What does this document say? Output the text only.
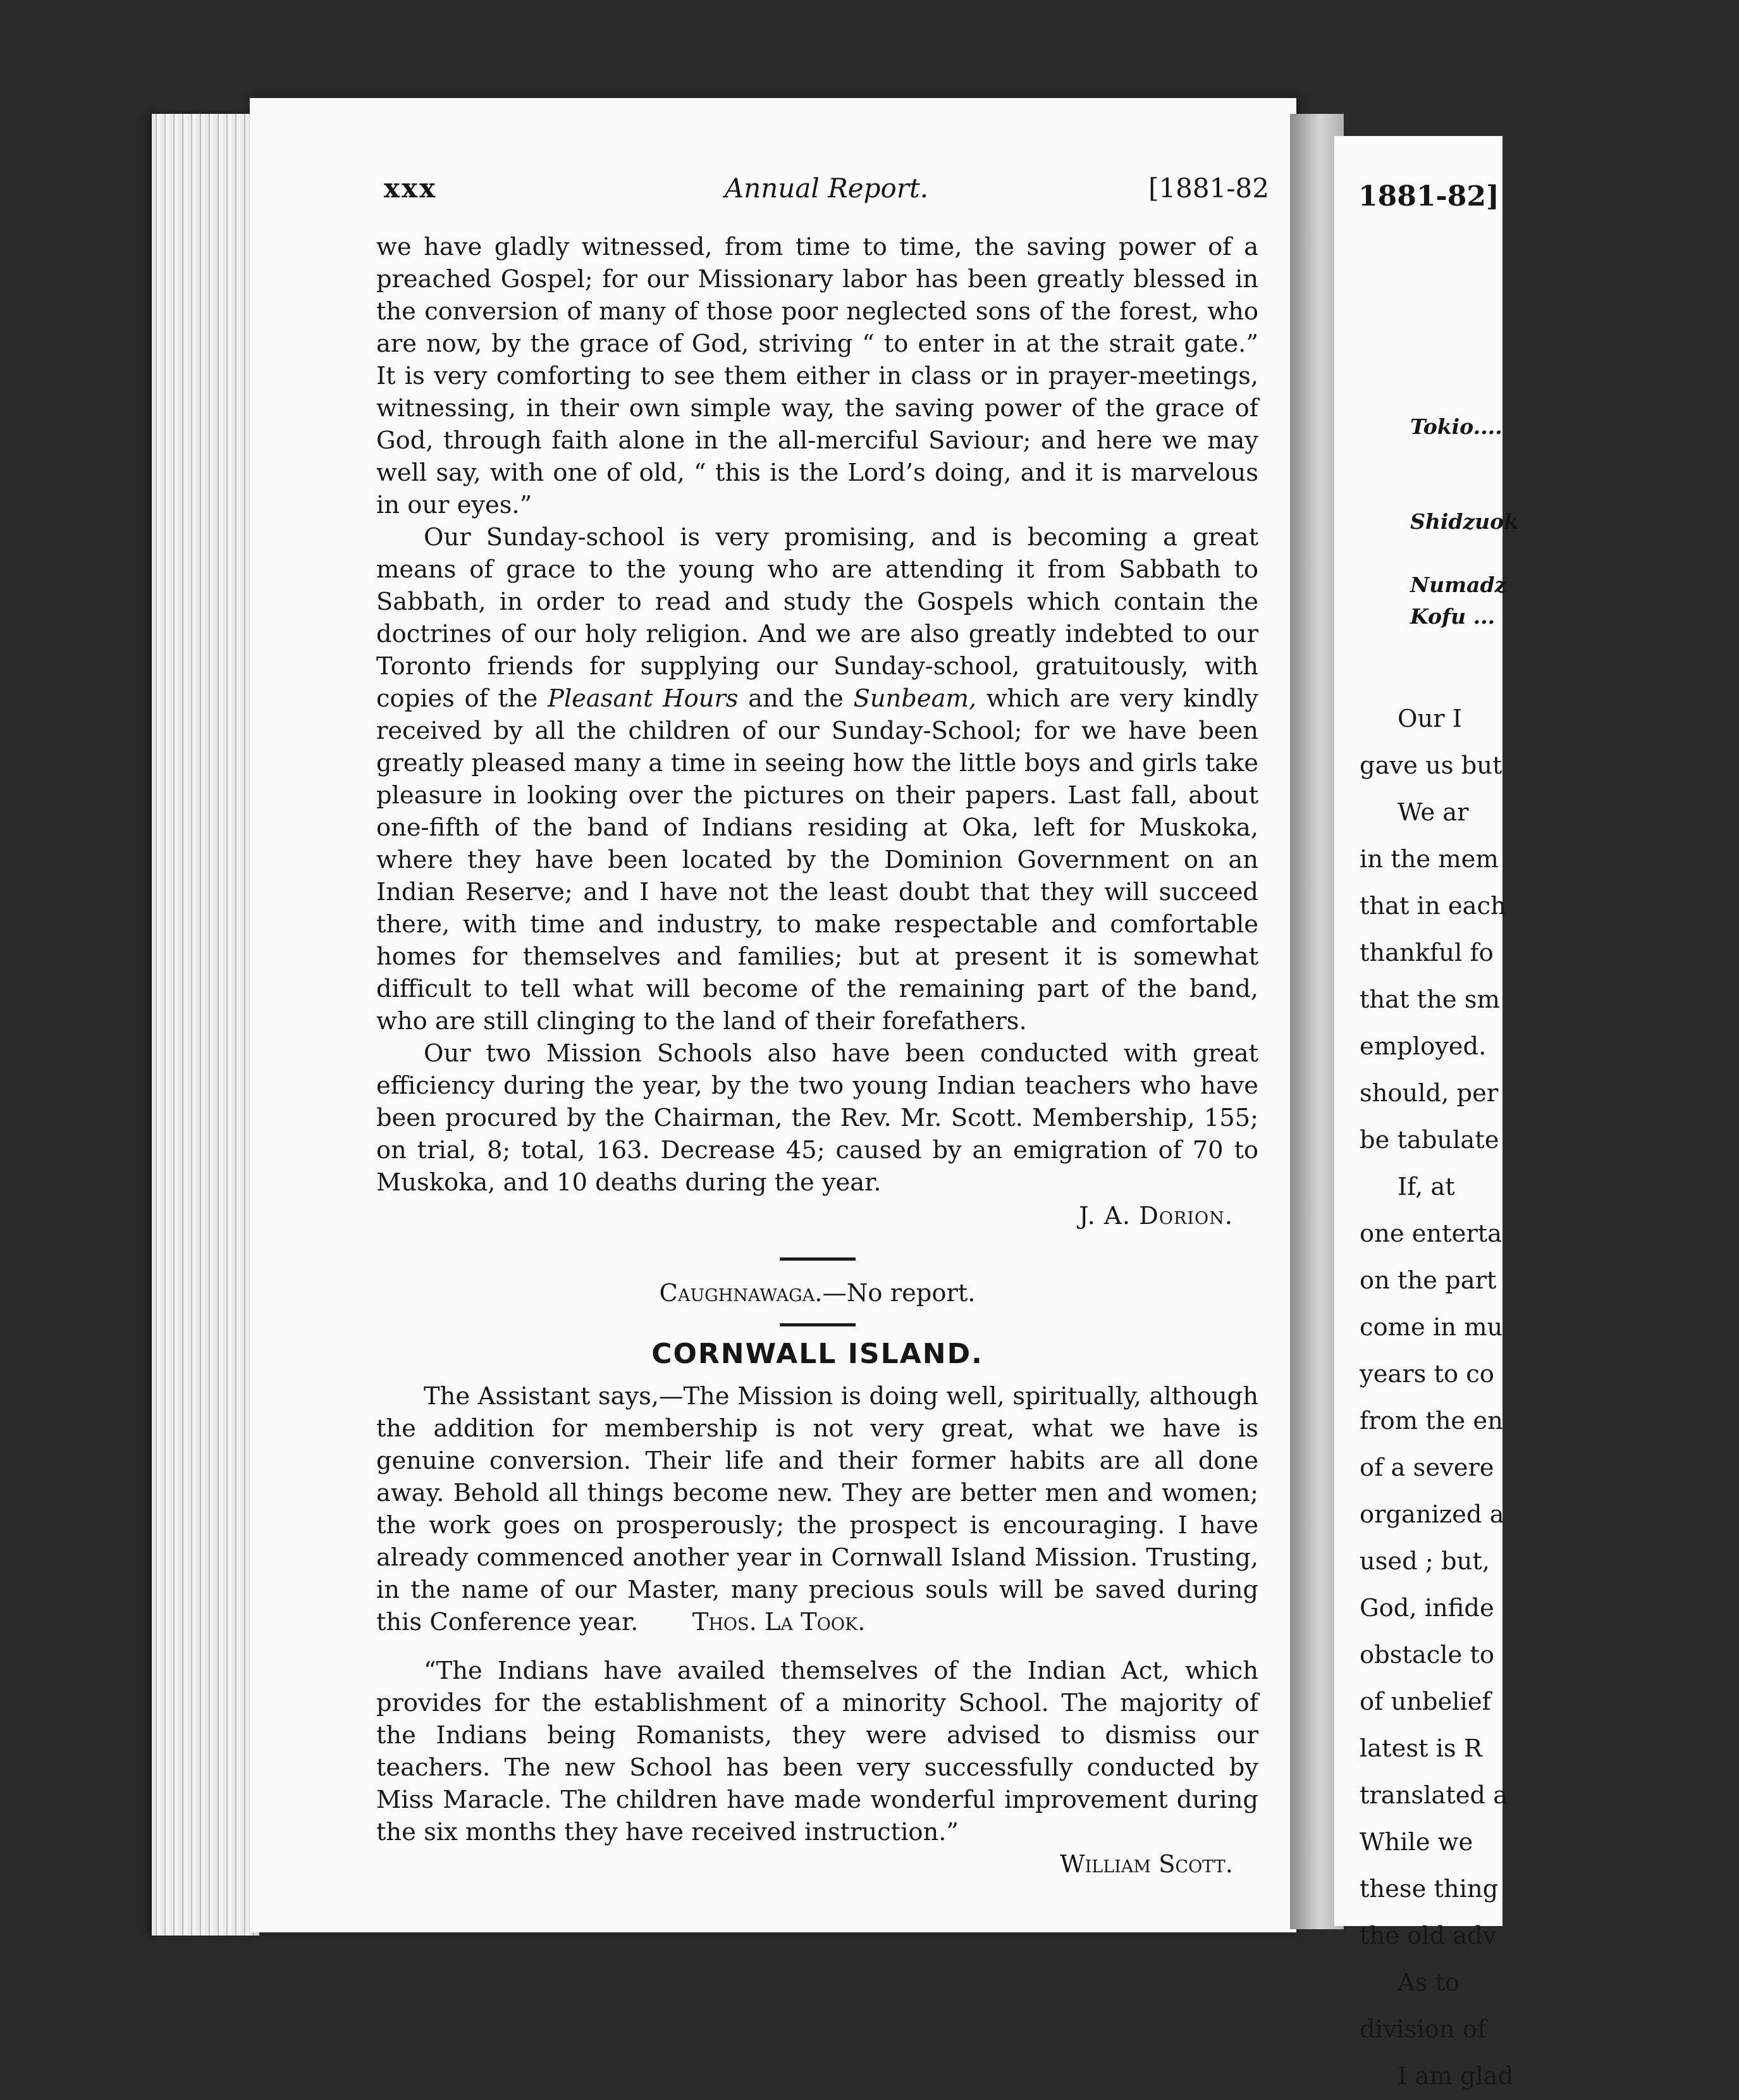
xxx	Annual Report.	[1881-82

we have gladly witnessed, from time to time, the saving power of a preached Gospel; for our Missionary labor has been greatly blessed in the conversion of many of those poor neglected sons of the forest, who are now, by the grace of God, striving “ to enter in at the strait gate.” It is very comforting to see them either in class or in prayer-meetings, witnessing, in their own simple way, the saving power of the grace of God, through faith alone in the all-merciful Saviour; and here we may well say, with one of old, “ this is the Lord’s doing, and it is marvelous in our eyes.”

Our Sunday-school is very promising, and is becoming a great means of grace to the young who are attending it from Sabbath to Sabbath, in order to read and study the Gospels which contain the doctrines of our holy religion. And we are also greatly indebted to our Toronto friends for supplying our Sunday-school, gratuitously, with copies of the Pleasant Hours and the Sunbeam, which are very kindly received by all the children of our Sunday-School; for we have been greatly pleased many a time in seeing how the little boys and girls take pleasure in looking over the pictures on their papers. Last fall, about one-fifth of the band of Indians residing at Oka, left for Muskoka, where they have been located by the Dominion Government on an Indian Reserve; and I have not the least doubt that they will succeed there, with time and industry, to make respectable and comfortable homes for themselves and families; but at present it is somewhat difficult to tell what will become of the remaining part of the band, who are still clinging to the land of their forefathers.

Our two Mission Schools also have been conducted with great efficiency during the year, by the two young Indian teachers who have been procured by the Chairman, the Rev. Mr. Scott. Membership, 155; on trial, 8; total, 163. Decrease 45; caused by an emigration of 70 to Muskoka, and 10 deaths during the year.

J. A. Dorion.
Caughnawaga.—No report.
CORNWALL ISLAND.

The Assistant says,—The Mission is doing well, spiritually, although the addition for membership is not very great, what we have is genuine conversion. Their life and their former habits are all done away. Behold all things become new. They are better men and women; the work goes on prosperously; the prospect is encouraging. I have already commenced another year in Cornwall Island Mission. Trusting, in the name of our Master, many precious souls will be saved during this Conference year. Thos. La Took.

“The Indians have availed themselves of the Indian Act, which provides for the establishment of a minority School. The majority of the Indians being Romanists, they were advised to dismiss our teachers. The new School has been very successfully conducted by Miss Maracle. The children have made wonderful improvement during the six months they have received instruction.”

William Scott.
1881-82]
Tokio....
Shidzuok
Numadz
Kofu ...
Our I
gave us but
We ar
in the mem
that in each
thankful fo
that the sm
employed.
should, per
be tabulate
If, at
one enterta
on the part
come in mu
years to co
from the en
of a severe
organized a
used ; but,
God, infide
obstacle to
of unbelief
latest is R
translated a
While we
these thing
the old adv
As to
division of
I am glad
